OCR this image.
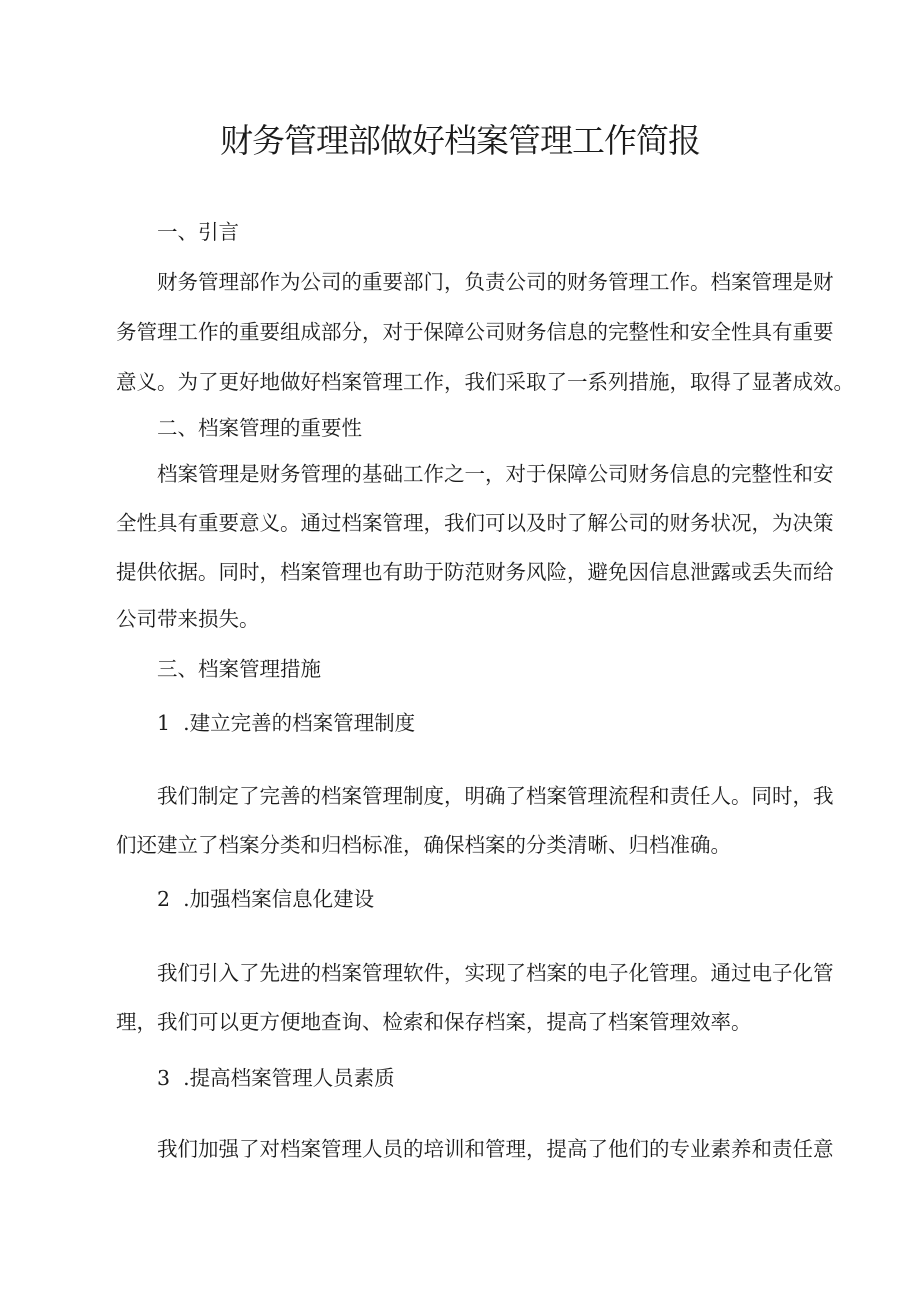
财务管理部做好档案管理工作简报

一、引言

财务管理部作为公司的重要部门，负责公司的财务管理工作。档案管理是财

务管理工作的重要组成部分，对于保障公司财务信息的完整性和安全性具有重要

意义。为了更好地做好档案管理工作，我们采取了一系列措施，取得了显著成效。

二、档案管理的重要性

档案管理是财务管理的基础工作之一，对于保障公司财务信息的完整性和安

全性具有重要意义。通过档案管理，我们可以及时了解公司的财务状况，为决策

提供依据。同时，档案管理也有助于防范财务风险，避免因信息泄露或丢失而给

公司带来损失。

三、档案管理措施

1  .建立完善的档案管理制度

我们制定了完善的档案管理制度，明确了档案管理流程和责任人。同时，我

们还建立了档案分类和归档标准，确保档案的分类清晰、归档准确。

2  .加强档案信息化建设

我们引入了先进的档案管理软件，实现了档案的电子化管理。通过电子化管

理，我们可以更方便地查询、检索和保存档案，提高了档案管理效率。

3  .提高档案管理人员素质

我们加强了对档案管理人员的培训和管理，提高了他们的专业素养和责任意
